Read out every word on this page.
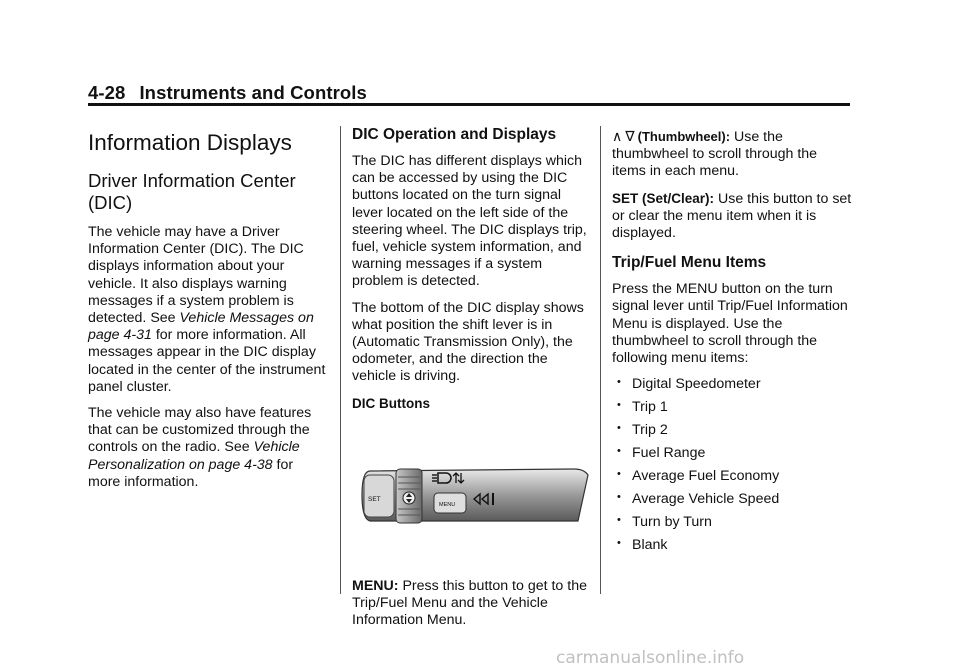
4-28 Instruments and Controls
Information Displays
Driver Information Center (DIC)

The vehicle may have a Driver Information Center (DIC). The DIC displays information about your vehicle. It also displays warning messages if a system problem is detected. See Vehicle Messages on page 4-31 for more information. All messages appear in the DIC display located in the center of the instrument panel cluster.

The vehicle may also have features that can be customized through the controls on the radio. See Vehicle Personalization on page 4-38 for more information.

DIC Operation and Displays

The DIC has different displays which can be accessed by using the DIC buttons located on the turn signal lever located on the left side of the steering wheel. The DIC displays trip, fuel, vehicle system information, and warning messages if a system problem is detected.

The bottom of the DIC display shows what position the shift lever is in (Automatic Transmission Only), the odometer, and the direction the vehicle is driving.

DIC Buttons

SET
MENU

MENU: Press this button to get to the Trip/Fuel Menu and the Vehicle Information Menu.

∧∇(Thumbwheel): Use the thumbwheel to scroll through the items in each menu.

SET (Set/Clear): Use this button to set or clear the menu item when it is displayed.

Trip/Fuel Menu Items

Press the MENU button on the turn signal lever until Trip/Fuel Information Menu is displayed. Use the thumbwheel to scroll through the following menu items:

• Digital Speedometer
• Trip 1
• Trip 2
• Fuel Range
• Average Fuel Economy
• Average Vehicle Speed
• Turn by Turn
• Blank
carmanualsonline.info
